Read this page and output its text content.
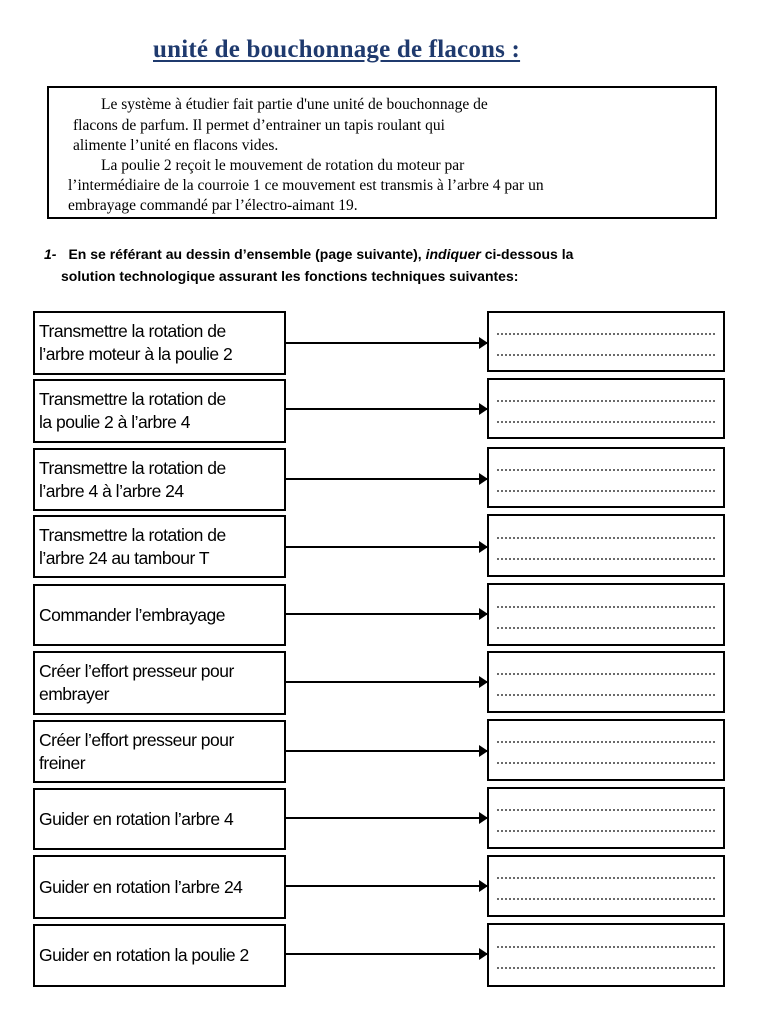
unité de bouchonnage de flacons :
Le système à étudier fait partie d'une unité de bouchonnage de
flacons de parfum. Il permet d’entrainer un tapis roulant qui
alimente l’unité en flacons vides.
La poulie 2 reçoit le mouvement de rotation du moteur par
l’intermédiaire de la courroie 1 ce mouvement est transmis à l’arbre 4 par un
embrayage commandé par l’électro-aimant 19.
1- En se référant au dessin d’ensemble (page suivante), indiquer ci-dessous la
solution technologique assurant les fonctions techniques suivantes:
Transmettre la rotation de
l’arbre moteur à la poulie 2
Transmettre la rotation de
la poulie 2 à l’arbre 4
Transmettre la rotation de
l’arbre 4 à l’arbre 24
Transmettre la rotation de
l’arbre 24 au tambour T
Commander l’embrayage
Créer l’effort presseur pour
embrayer
Créer l’effort presseur pour
freiner
Guider en rotation l’arbre 4
Guider en rotation l’arbre 24
Guider en rotation la poulie 2
